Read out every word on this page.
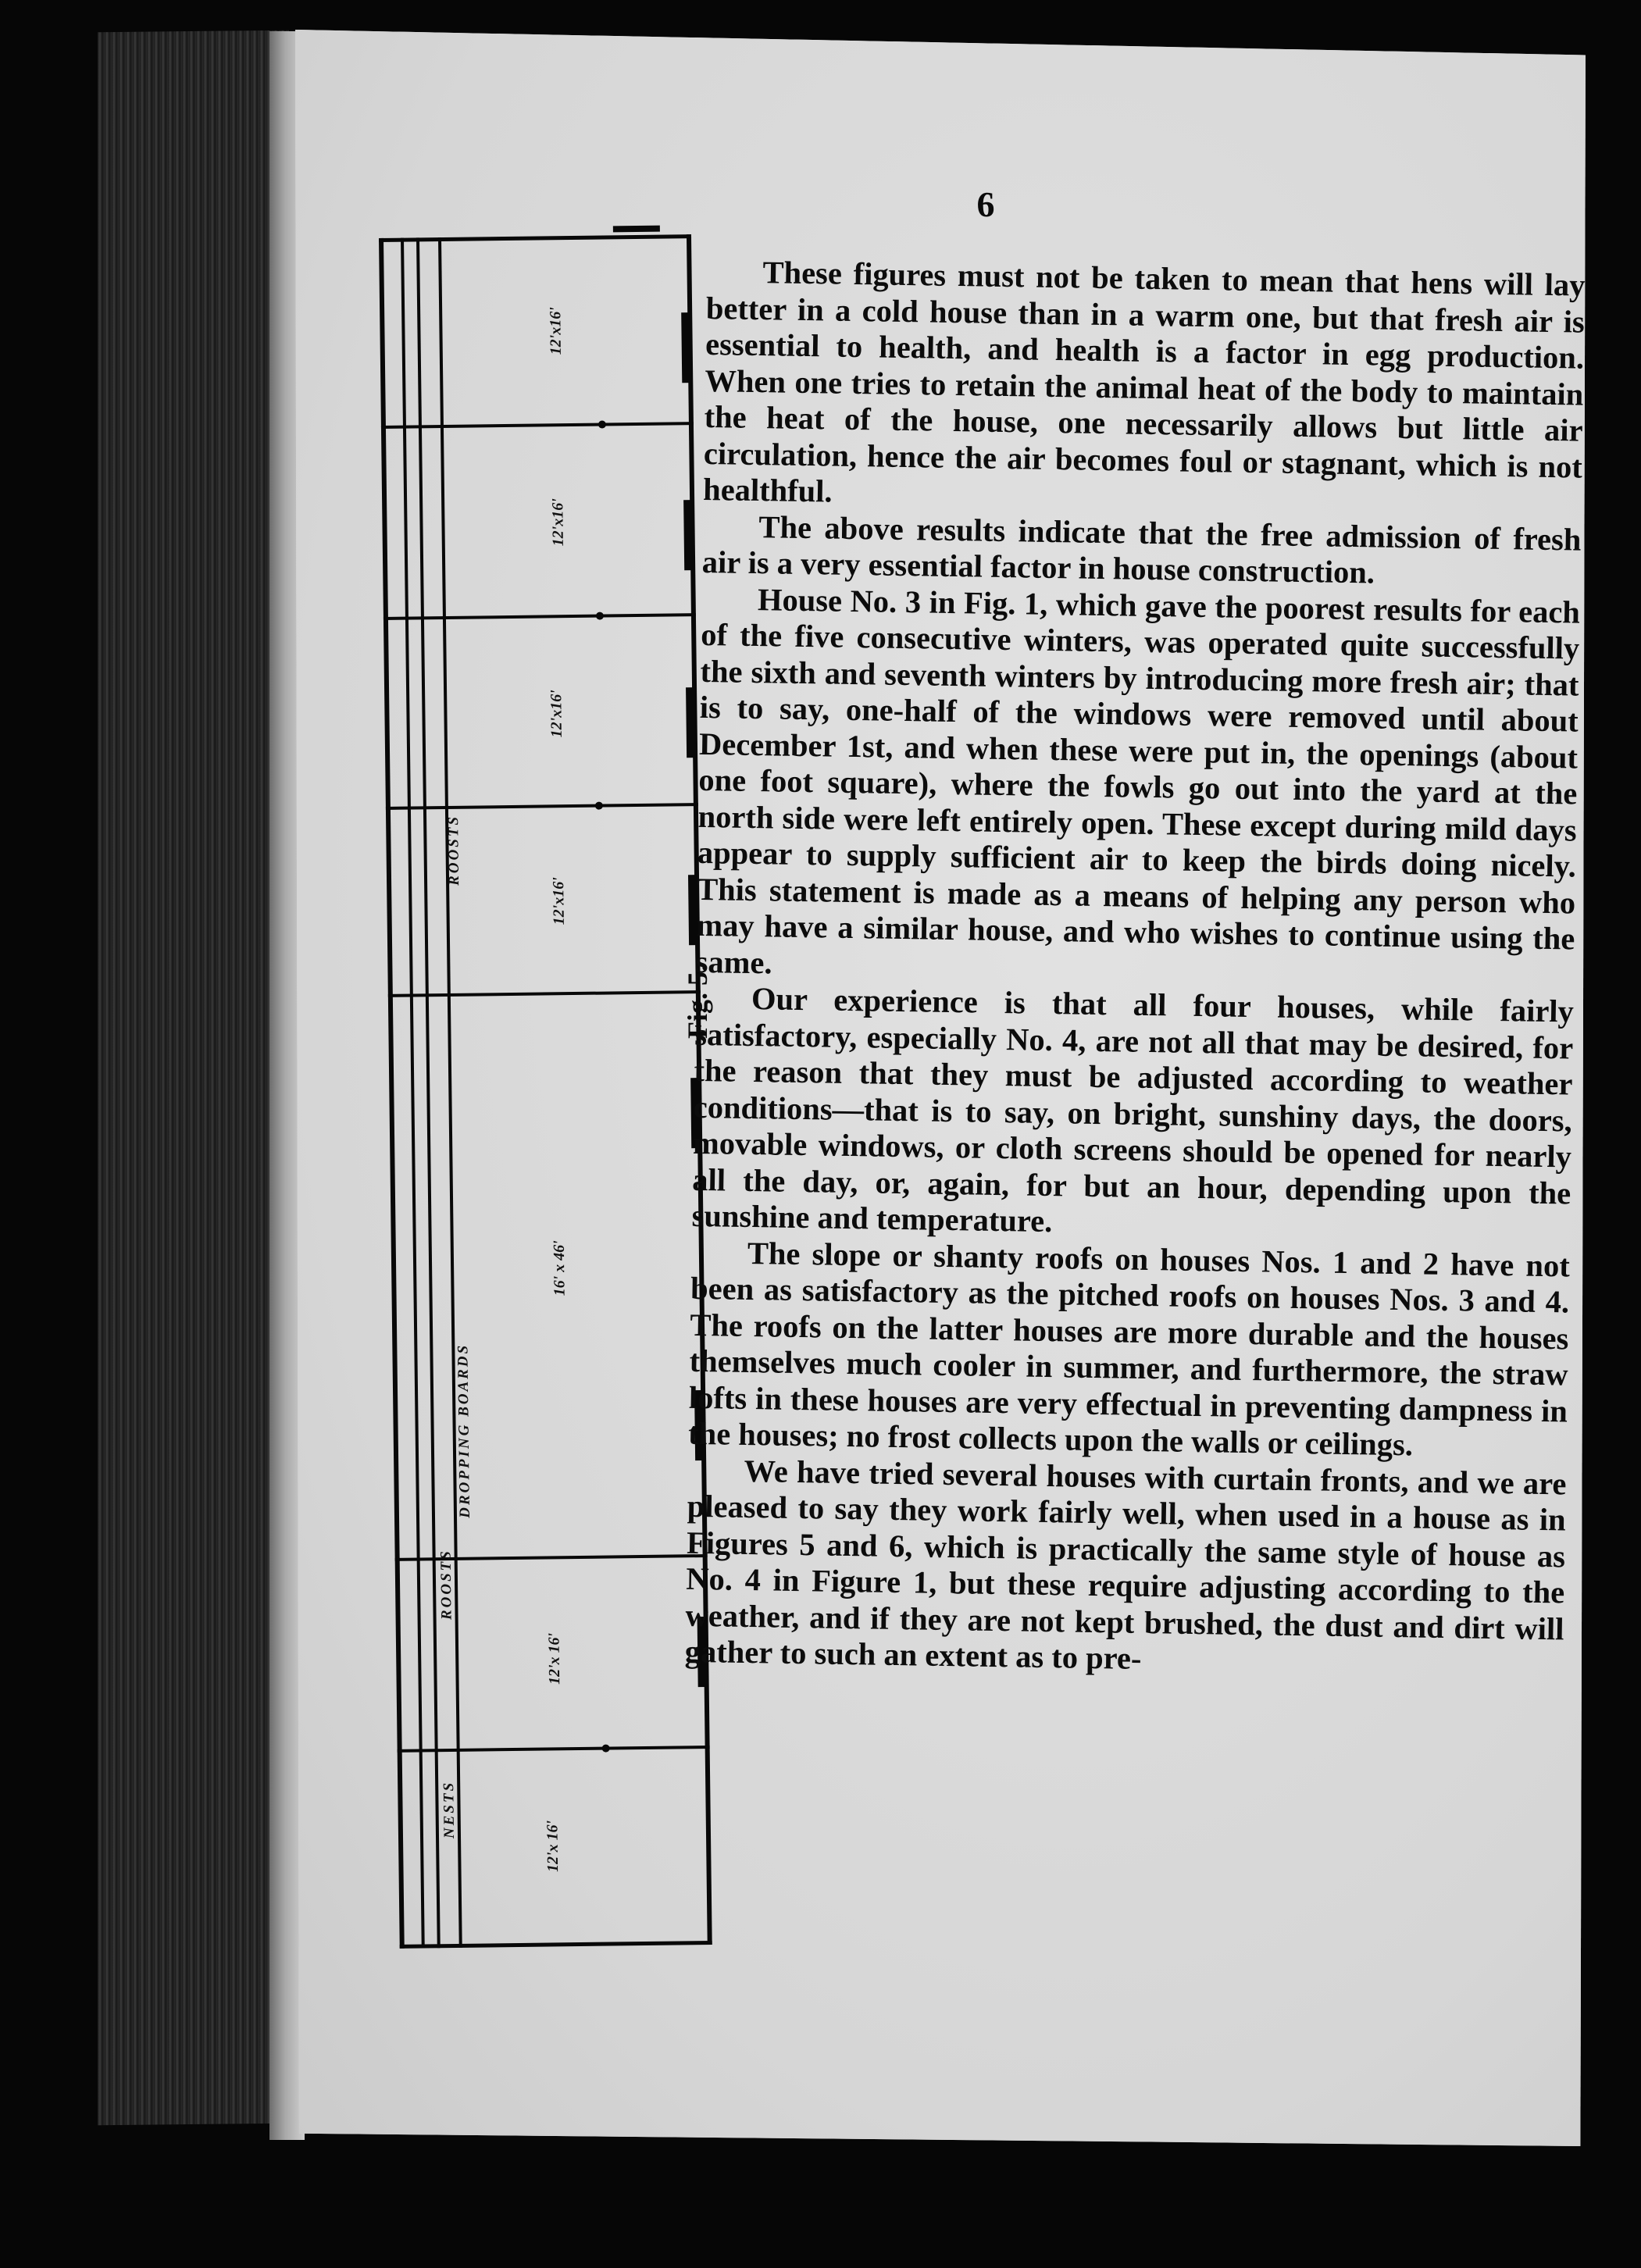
6
ROOSTS
DROPPING BOARDS
ROOSTS
NESTS
12'x16'
12'x16'
12'x16'
12'x16'
16' x 46'
12'x 16'
12'x 16'
Fig. 5.

These figures must not be taken to mean that hens will lay better in a cold house than in a warm one, but that fresh air is essential to health, and health is a factor in egg production. When one tries to retain the animal heat of the body to maintain the heat of the house, one necessarily allows but little air circulation, hence the air becomes foul or stagnant, which is not healthful.

The above results indicate that the free admission of fresh air is a very essential factor in house construction.

House No. 3 in Fig. 1, which gave the poorest results for each of the five consecutive winters, was operated quite successfully the sixth and seventh winters by introducing more fresh air; that is to say, one-half of the windows were removed until about December 1st, and when these were put in, the openings (about one foot square), where the fowls go out into the yard at the north side were left entirely open. These except during mild days appear to supply sufficient air to keep the birds doing nicely. This statement is made as a means of helping any person who may have a similar house, and who wishes to continue using the same.

Our experience is that all four houses, while fairly satisfactory, especially No. 4, are not all that may be desired, for the reason that they must be adjusted according to weather conditions—that is to say, on bright, sunshiny days, the doors, movable windows, or cloth screens should be opened for nearly all the day, or, again, for but an hour, depending upon the sunshine and temperature.

The slope or shanty roofs on houses Nos. 1 and 2 have not been as satisfactory as the pitched roofs on houses Nos. 3 and 4. The roofs on the latter houses are more durable and the houses themselves much cooler in summer, and furthermore, the straw lofts in these houses are very effectual in preventing dampness in the houses; no frost collects upon the walls or ceilings.

We have tried several houses with curtain fronts, and we are pleased to say they work fairly well, when used in a house as in Figures 5 and 6, which is practically the same style of house as No. 4 in Figure 1, but these require adjusting according to the weather, and if they are not kept brushed, the dust and dirt will gather to such an extent as to pre-
